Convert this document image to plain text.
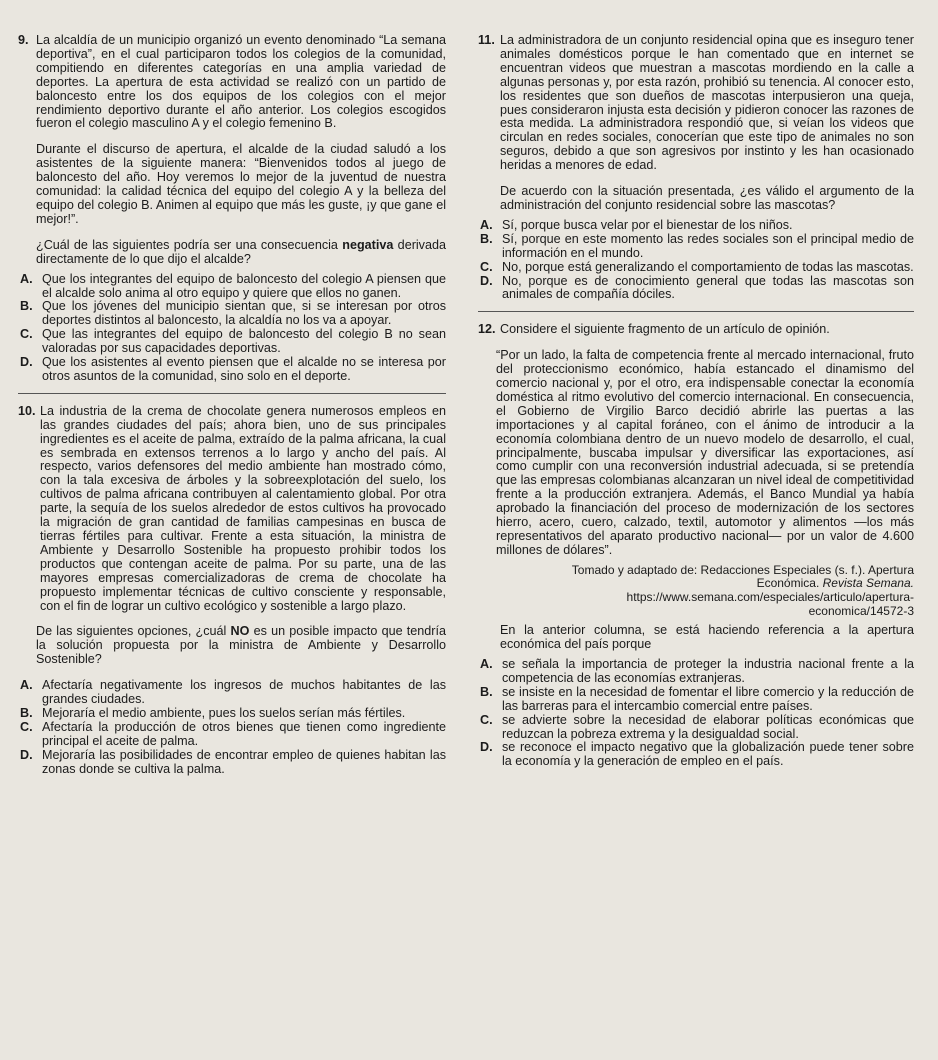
9. La alcaldía de un municipio organizó un evento denominado “La semana deportiva”, en el cual participaron todos los colegios de la comunidad, compitiendo en diferentes categorías en una amplia variedad de deportes. La apertura de esta actividad se realizó con un partido de baloncesto entre los dos equipos de los colegios con el mejor rendimiento deportivo durante el año anterior. Los colegios escogidos fueron el colegio masculino A y el colegio femenino B.

Durante el discurso de apertura, el alcalde de la ciudad saludó a los asistentes de la siguiente manera: “Bienvenidos todos al juego de baloncesto del año. Hoy veremos lo mejor de la juventud de nuestra comunidad: la calidad técnica del equipo del colegio A y la belleza del equipo del colegio B. Animen al equipo que más les guste, ¡y que gane el mejor!”.

¿Cuál de las siguientes podría ser una consecuencia negativa derivada directamente de lo que dijo el alcalde?

A. Que los integrantes del equipo de baloncesto del colegio A piensen que el alcalde solo anima al otro equipo y quiere que ellos no ganen.
B. Que los jóvenes del municipio sientan que, si se interesan por otros deportes distintos al baloncesto, la alcaldía no los va a apoyar.
C. Que las integrantes del equipo de baloncesto del colegio B no sean valoradas por sus capacidades deportivas.
D. Que los asistentes al evento piensen que el alcalde no se interesa por otros asuntos de la comunidad, sino solo en el deporte.
10. La industria de la crema de chocolate genera numerosos empleos en las grandes ciudades del país; ahora bien, uno de sus principales ingredientes es el aceite de palma, extraído de la palma africana, la cual es sembrada en extensos terrenos a lo largo y ancho del país. Al respecto, varios defensores del medio ambiente han mostrado cómo, con la tala excesiva de árboles y la sobreexplotación del suelo, los cultivos de palma africana contribuyen al calentamiento global. Por otra parte, la sequía de los suelos alrededor de estos cultivos ha provocado la migración de gran cantidad de familias campesinas en busca de tierras fértiles para cultivar. Frente a esta situación, la ministra de Ambiente y Desarrollo Sostenible ha propuesto prohibir todos los productos que contengan aceite de palma. Por su parte, una de las mayores empresas comercializadoras de crema de chocolate ha propuesto implementar técnicas de cultivo consciente y responsable, con el fin de lograr un cultivo ecológico y sostenible a largo plazo.

De las siguientes opciones, ¿cuál NO es un posible impacto que tendría la solución propuesta por la ministra de Ambiente y Desarrollo Sostenible?

A. Afectaría negativamente los ingresos de muchos habitantes de las grandes ciudades.
B. Mejoraría el medio ambiente, pues los suelos serían más fértiles.
C. Afectaría la producción de otros bienes que tienen como ingrediente principal el aceite de palma.
D. Mejoraría las posibilidades de encontrar empleo de quienes habitan las zonas donde se cultiva la palma.
11. La administradora de un conjunto residencial opina que es inseguro tener animales domésticos porque le han comentado que en internet se encuentran videos que muestran a mascotas mordiendo en la calle a algunas personas y, por esta razón, prohibió su tenencia. Al conocer esto, los residentes que son dueños de mascotas interpusieron una queja, pues consideraron injusta esta decisión y pidieron conocer las razones de esta medida. La administradora respondió que, si veían los videos que circulan en redes sociales, conocerían que este tipo de animales no son seguros, debido a que son agresivos por instinto y les han ocasionado heridas a menores de edad.

De acuerdo con la situación presentada, ¿es válido el argumento de la administración del conjunto residencial sobre las mascotas?

A. Sí, porque busca velar por el bienestar de los niños.
B. Sí, porque en este momento las redes sociales son el principal medio de información en el mundo.
C. No, porque está generalizando el comportamiento de todas las mascotas.
D. No, porque es de conocimiento general que todas las mascotas son animales de compañía dóciles.
12. Considere el siguiente fragmento de un artículo de opinión.

“Por un lado, la falta de competencia frente al mercado internacional, fruto del proteccionismo económico, había estancado el dinamismo del comercio nacional y, por el otro, era indispensable conectar la economía doméstica al ritmo evolutivo del comercio internacional. En consecuencia, el Gobierno de Virgilio Barco decidió abrirle las puertas a las importaciones y al capital foráneo, con el ánimo de introducir a la economía colombiana dentro de un nuevo modelo de desarrollo, el cual, principalmente, buscaba impulsar y diversificar las exportaciones, así como cumplir con una reconversión industrial adecuada, si se pretendía que las empresas colombianas alcanzaran un nivel ideal de competitividad frente a la producción extranjera. Además, el Banco Mundial ya había aprobado la financiación del proceso de modernización de los sectores hierro, acero, cuero, calzado, textil, automotor y alimentos —los más representativos del aparato productivo nacional— por un valor de 4.600 millones de dólares”.

Tomado y adaptado de: Redacciones Especiales (s. f.). Apertura
Económica. Revista Semana.
https://www.semana.com/especiales/articulo/apertura-
economica/14572-3

En la anterior columna, se está haciendo referencia a la apertura económica del país porque

A. se señala la importancia de proteger la industria nacional frente a la competencia de las economías extranjeras.
B. se insiste en la necesidad de fomentar el libre comercio y la reducción de las barreras para el intercambio comercial entre países.
C. se advierte sobre la necesidad de elaborar políticas económicas que reduzcan la pobreza extrema y la desigualdad social.
D. se reconoce el impacto negativo que la globalización puede tener sobre la economía y la generación de empleo en el país.
